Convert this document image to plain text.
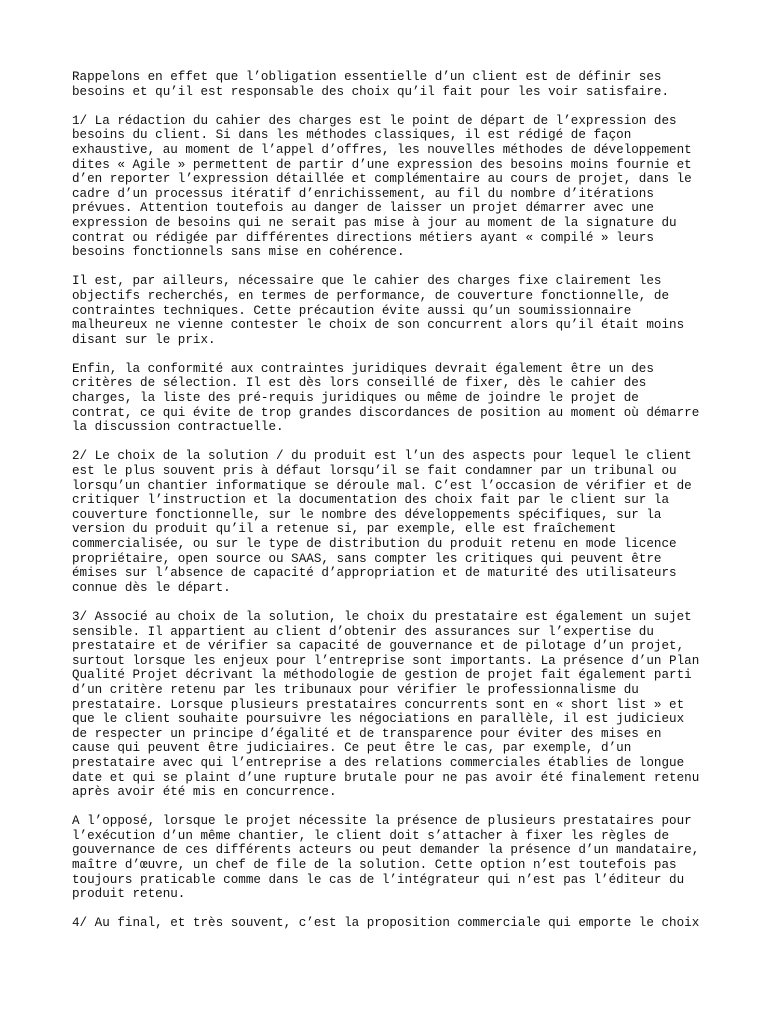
Rappelons en effet que l’obligation essentielle d’un client est de définir ses
besoins et qu’il est responsable des choix qu’il fait pour les voir satisfaire.

1/ La rédaction du cahier des charges est le point de départ de l’expression des
besoins du client. Si dans les méthodes classiques, il est rédigé de façon
exhaustive, au moment de l’appel d’offres, les nouvelles méthodes de développement
dites « Agile » permettent de partir d’une expression des besoins moins fournie et
d’en reporter l’expression détaillée et complémentaire au cours de projet, dans le
cadre d’un processus itératif d’enrichissement, au fil du nombre d’itérations
prévues. Attention toutefois au danger de laisser un projet démarrer avec une
expression de besoins qui ne serait pas mise à jour au moment de la signature du
contrat ou rédigée par différentes directions métiers ayant « compilé » leurs
besoins fonctionnels sans mise en cohérence.

Il est, par ailleurs, nécessaire que le cahier des charges fixe clairement les
objectifs recherchés, en termes de performance, de couverture fonctionnelle, de
contraintes techniques. Cette précaution évite aussi qu’un soumissionnaire
malheureux ne vienne contester le choix de son concurrent alors qu’il était moins
disant sur le prix.

Enfin, la conformité aux contraintes juridiques devrait également être un des
critères de sélection. Il est dès lors conseillé de fixer, dès le cahier des
charges, la liste des pré-requis juridiques ou même de joindre le projet de
contrat, ce qui évite de trop grandes discordances de position au moment où démarre
la discussion contractuelle.

2/ Le choix de la solution / du produit est l’un des aspects pour lequel le client
est le plus souvent pris à défaut lorsqu’il se fait condamner par un tribunal ou
lorsqu’un chantier informatique se déroule mal. C’est l’occasion de vérifier et de
critiquer l’instruction et la documentation des choix fait par le client sur la
couverture fonctionnelle, sur le nombre des développements spécifiques, sur la
version du produit qu’il a retenue si, par exemple, elle est fraîchement
commercialisée, ou sur le type de distribution du produit retenu en mode licence
propriétaire, open source ou SAAS, sans compter les critiques qui peuvent être
émises sur l’absence de capacité d’appropriation et de maturité des utilisateurs
connue dès le départ.

3/ Associé au choix de la solution, le choix du prestataire est également un sujet
sensible. Il appartient au client d’obtenir des assurances sur l’expertise du
prestataire et de vérifier sa capacité de gouvernance et de pilotage d’un projet,
surtout lorsque les enjeux pour l’entreprise sont importants. La présence d’un Plan
Qualité Projet décrivant la méthodologie de gestion de projet fait également parti
d’un critère retenu par les tribunaux pour vérifier le professionnalisme du
prestataire. Lorsque plusieurs prestataires concurrents sont en « short list » et
que le client souhaite poursuivre les négociations en parallèle, il est judicieux
de respecter un principe d’égalité et de transparence pour éviter des mises en
cause qui peuvent être judiciaires. Ce peut être le cas, par exemple, d’un
prestataire avec qui l’entreprise a des relations commerciales établies de longue
date et qui se plaint d’une rupture brutale pour ne pas avoir été finalement retenu
après avoir été mis en concurrence.

A l’opposé, lorsque le projet nécessite la présence de plusieurs prestataires pour
l’exécution d’un même chantier, le client doit s’attacher à fixer les règles de
gouvernance de ces différents acteurs ou peut demander la présence d’un mandataire,
maître d’œuvre, un chef de file de la solution. Cette option n’est toutefois pas
toujours praticable comme dans le cas de l’intégrateur qui n’est pas l’éditeur du
produit retenu.

4/ Au final, et très souvent, c’est la proposition commerciale qui emporte le choix
